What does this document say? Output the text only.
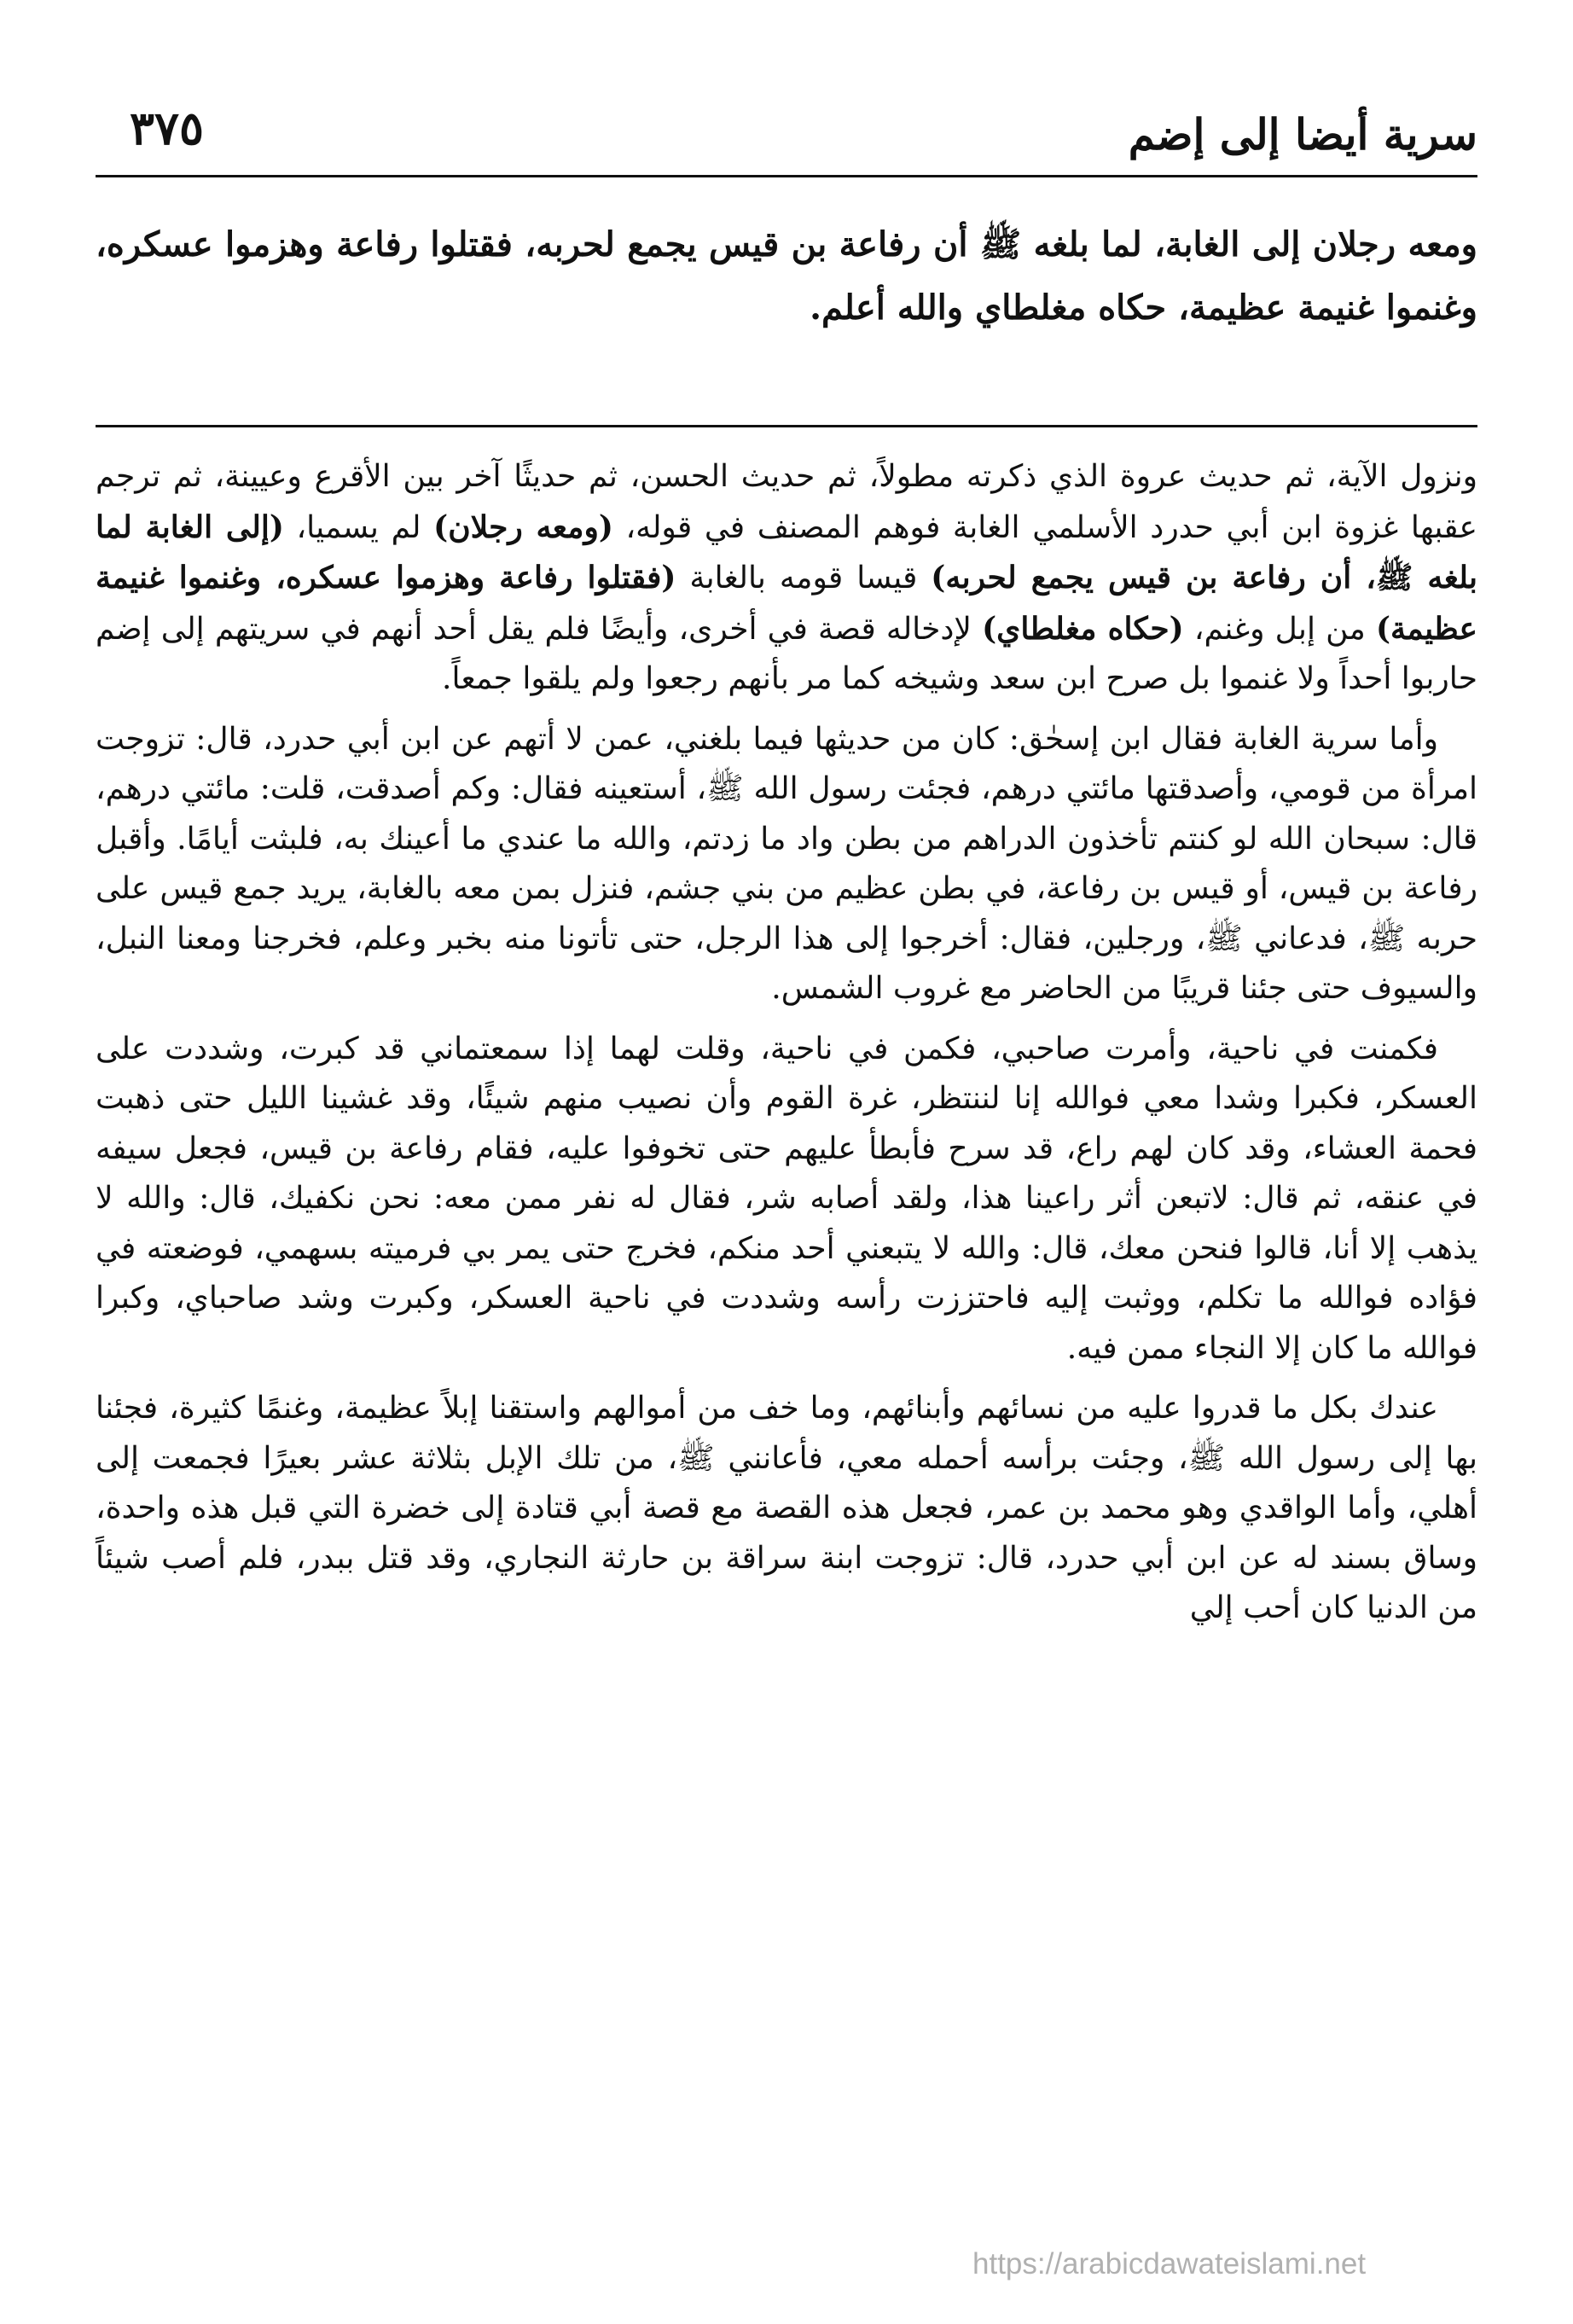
سرية أيضا إلى إضم
٣٧٥

ومعه رجلان إلى الغابة، لما بلغه ﷺ أن رفاعة بن قيس يجمع لحربه، فقتلوا رفاعة وهزموا عسكره، وغنموا غنيمة عظيمة، حكاه مغلطاي والله أعلم.

ونزول الآية، ثم حديث عروة الذي ذكرته مطولاً، ثم حديث الحسن، ثم حديثًا آخر بين الأقرع وعيينة، ثم ترجم عقبها غزوة ابن أبي حدرد الأسلمي الغابة فوهم المصنف في قوله، (ومعه رجلان) لم يسميا، (إلى الغابة لما بلغه ﷺ، أن رفاعة بن قيس يجمع لحربه) قيسا قومه بالغابة (فقتلوا رفاعة وهزموا عسكره، وغنموا غنيمة عظيمة) من إبل وغنم، (حكاه مغلطاي) لإدخاله قصة في أخرى، وأيضًا فلم يقل أحد أنهم في سريتهم إلى إضم حاربوا أحداً ولا غنموا بل صرح ابن سعد وشيخه كما مر بأنهم رجعوا ولم يلقوا جمعاً.

وأما سرية الغابة فقال ابن إسحٰق: كان من حديثها فيما بلغني، عمن لا أتهم عن ابن أبي حدرد، قال: تزوجت امرأة من قومي، وأصدقتها مائتي درهم، فجئت رسول الله ﷺ، أستعينه فقال: وكم أصدقت، قلت: مائتي درهم، قال: سبحان الله لو كنتم تأخذون الدراهم من بطن واد ما زدتم، والله ما عندي ما أعينك به، فلبثت أيامًا. وأقبل رفاعة بن قيس، أو قيس بن رفاعة، في بطن عظيم من بني جشم، فنزل بمن معه بالغابة، يريد جمع قيس على حربه ﷺ، فدعاني ﷺ، ورجلين، فقال: أخرجوا إلى هذا الرجل، حتى تأتونا منه بخبر وعلم، فخرجنا ومعنا النبل، والسيوف حتى جئنا قريبًا من الحاضر مع غروب الشمس.

فكمنت في ناحية، وأمرت صاحبي، فكمن في ناحية، وقلت لهما إذا سمعتماني قد كبرت، وشددت على العسكر، فكبرا وشدا معي فوالله إنا لننتظر، غرة القوم وأن نصيب منهم شيئًا، وقد غشينا الليل حتى ذهبت فحمة العشاء، وقد كان لهم راع، قد سرح فأبطأ عليهم حتى تخوفوا عليه، فقام رفاعة بن قيس، فجعل سيفه في عنقه، ثم قال: لاتبعن أثر راعينا هذا، ولقد أصابه شر، فقال له نفر ممن معه: نحن نكفيك، قال: والله لا يذهب إلا أنا، قالوا فنحن معك، قال: والله لا يتبعني أحد منكم، فخرج حتى يمر بي فرميته بسهمي، فوضعته في فؤاده فوالله ما تكلم، ووثبت إليه فاحتززت رأسه وشددت في ناحية العسكر، وكبرت وشد صاحباي، وكبرا فوالله ما كان إلا النجاء ممن فيه.

عندك بكل ما قدروا عليه من نسائهم وأبنائهم، وما خف من أموالهم واستقنا إبلاً عظيمة، وغنمًا كثيرة، فجئنا بها إلى رسول الله ﷺ، وجئت برأسه أحمله معي، فأعانني ﷺ، من تلك الإبل بثلاثة عشر بعيرًا فجمعت إلى أهلي، وأما الواقدي وهو محمد بن عمر، فجعل هذه القصة مع قصة أبي قتادة إلى خضرة التي قبل هذه واحدة، وساق بسند له عن ابن أبي حدرد، قال: تزوجت ابنة سراقة بن حارثة النجاري، وقد قتل ببدر، فلم أصب شيئاً من الدنيا كان أحب إلي

https://arabicdawateislami.net
